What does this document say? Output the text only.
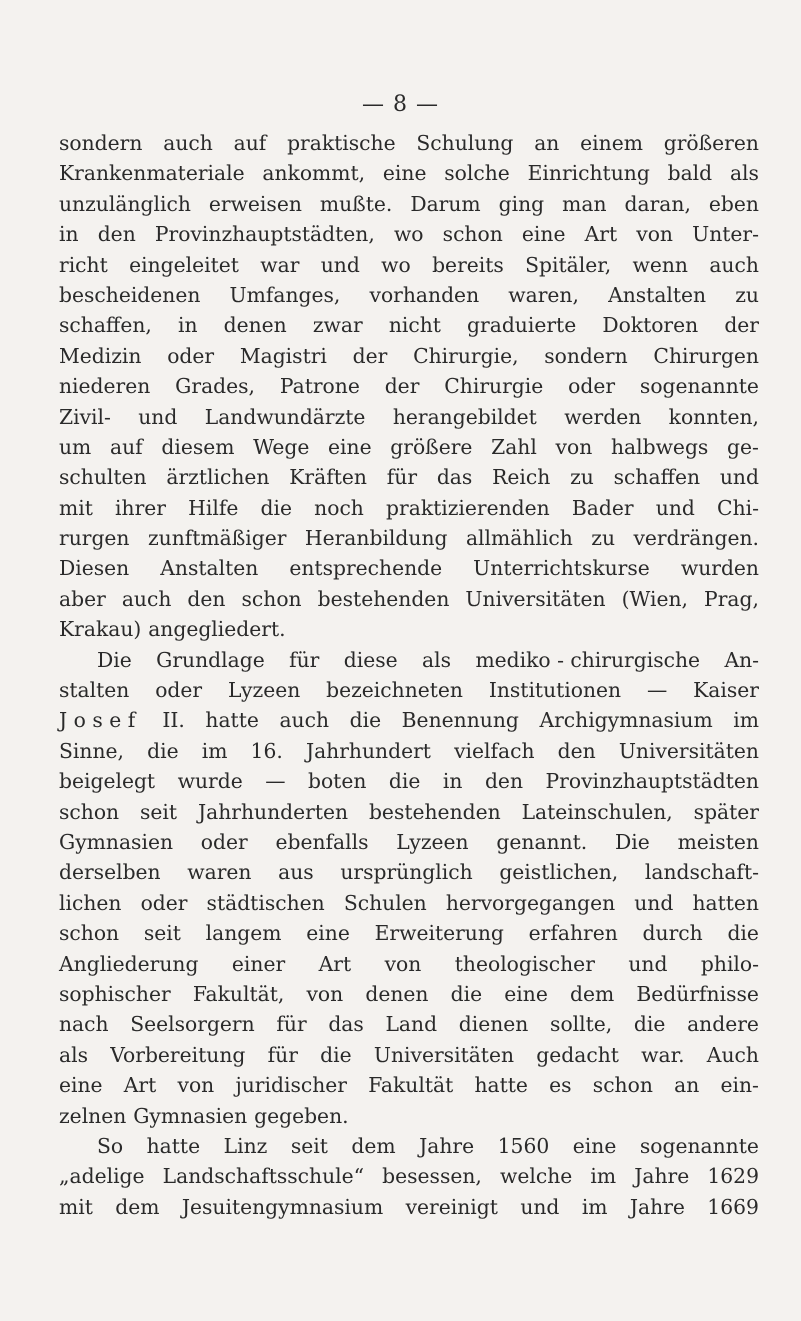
— 8 —
sondern auch auf praktische Schulung an einem größeren
Krankenmateriale ankommt, eine solche Einrichtung bald als
unzulänglich erweisen mußte. Darum ging man daran, eben
in den Provinzhauptstädten, wo schon eine Art von Unter-
richt eingeleitet war und wo bereits Spitäler, wenn auch
bescheidenen Umfanges, vorhanden waren, Anstalten zu
schaffen, in denen zwar nicht graduierte Doktoren der
Medizin oder Magistri der Chirurgie, sondern Chirurgen
niederen Grades, Patrone der Chirurgie oder sogenannte
Zivil- und Landwundärzte herangebildet werden konnten,
um auf diesem Wege eine größere Zahl von halbwegs ge-
schulten ärztlichen Kräften für das Reich zu schaffen und
mit ihrer Hilfe die noch praktizierenden Bader und Chi-
rurgen zunftmäßiger Heranbildung allmählich zu verdrängen.
Diesen Anstalten entsprechende Unterrichtskurse wurden
aber auch den schon bestehenden Universitäten (Wien, Prag,
Krakau) angegliedert.
Die Grundlage für diese als mediko - chirurgische An-
stalten oder Lyzeen bezeichneten Institutionen — Kaiser
Josef II. hatte auch die Benennung Archigymnasium im
Sinne, die im 16. Jahrhundert vielfach den Universitäten
beigelegt wurde — boten die in den Provinzhauptstädten
schon seit Jahrhunderten bestehenden Lateinschulen, später
Gymnasien oder ebenfalls Lyzeen genannt. Die meisten
derselben waren aus ursprünglich geistlichen, landschaft-
lichen oder städtischen Schulen hervorgegangen und hatten
schon seit langem eine Erweiterung erfahren durch die
Angliederung einer Art von theologischer und philo-
sophischer Fakultät, von denen die eine dem Bedürfnisse
nach Seelsorgern für das Land dienen sollte, die andere
als Vorbereitung für die Universitäten gedacht war. Auch
eine Art von juridischer Fakultät hatte es schon an ein-
zelnen Gymnasien gegeben.
So hatte Linz seit dem Jahre 1560 eine sogenannte
„adelige Landschaftsschule“ besessen, welche im Jahre 1629
mit dem Jesuitengymnasium vereinigt und im Jahre 1669
